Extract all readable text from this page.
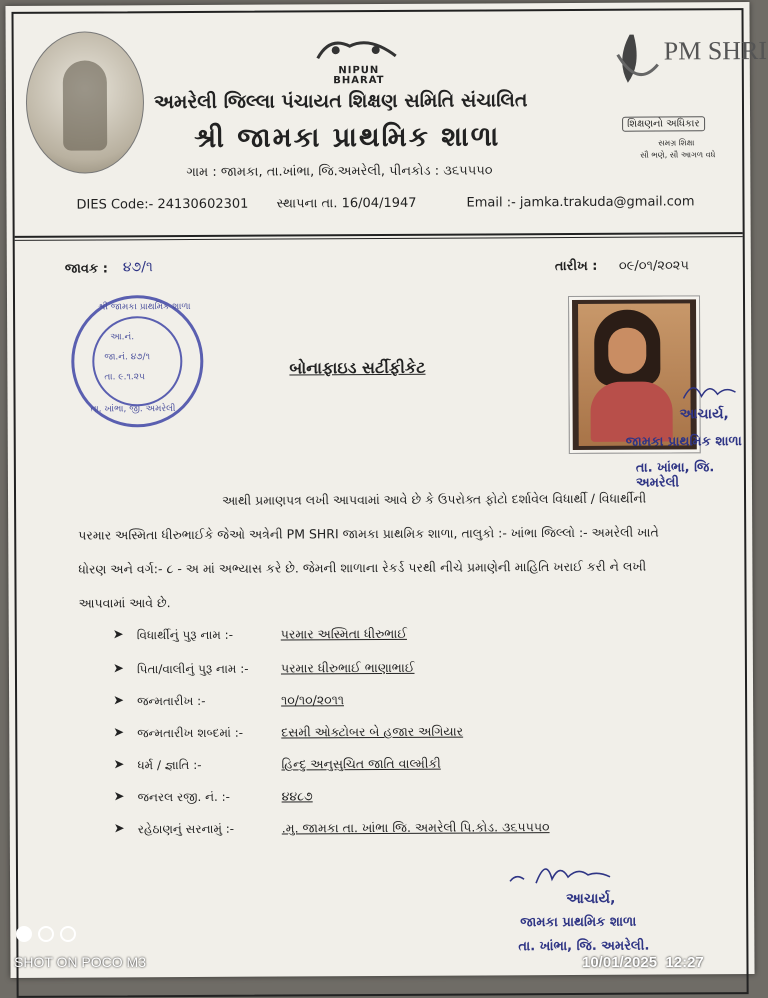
NIPUN BHARAT
PM SHRI
શિક્ષણનો અધિકાર
સમગ્ર શિક્ષા
સૌ ભણે, સૌ આગળ વધે
અમરેલી જિલ્લા પંચાયત શિક્ષણ સમિતિ સંચાલિત
શ્રી જામકા પ્રાથમિક શાળા
ગામ : જામકા, તા.ખાંભા, જિ.અમરેલી, પીનકોડ : ૩૬૫૫૫૦
DIES Code:- 24130602301 સ્થાપના તા. 16/04/1947	Email :- jamka.trakuda@gmail.com
જાવક : ૪૭/૧	તારીખ : ૦૯/૦૧/૨૦૨૫
શ્રી જામકા પ્રાથમિક શાળા
તા. ખાંભા, જી. અમરેલી
આ.નં.
જા.નં. ૪૭/૧
તા. ૯.૧.૨૫	બોનાફાઇડ સર્ટીફીકેટ
આચાર્ય,
જામકા પ્રાથમિક શાળા
તા. ખાંભા, જિ. અમરેલી
આથી પ્રમાણપત્ર લખી આપવામાં આવે છે કે ઉપરોક્ત ફોટો દર્શાવેલ વિધાર્થી / વિધાર્થીની
પરમાર અસ્મિતા ધીરુભાઈકે જેઓ અત્રેની PM SHRI જામકા પ્રાથમિક શાળા, તાલુકો :- ખાંભા જિલ્લો :- અમરેલી ખાતે
ધોરણ અને વર્ગ:- ૮ - અ માં અભ્યાસ કરે છે. જેમની શાળાના રેકર્ડ પરથી નીચે પ્રમાણેની માહિતિ ખરાઈ કરી ને લખી
આપવામાં આવે છે.
➤ વિધાર્થીનું પુરૂ નામ :-	પરમાર અસ્મિતા ધીરુભાઈ
➤ પિતા/વાલીનું પુરૂ નામ :-	પરમાર ધીરુભાઈ ભાણાભાઈ
➤ જન્મતારીખ :-	૧૦/૧૦/૨૦૧૧
➤ જન્મતારીખ શબ્દમાં :-	દસમી ઓક્ટોબર બે હજાર અગિયાર
➤ ધર્મ / જ્ઞાતિ :-	હિન્દુ અનુસુચિત જાતિ વાલ્મીકી
➤ જનરલ રજી. નં. :-	૪૪૮૭
➤ રહેઠાણનું સરનામું :-	.મુ. જામકા તા. ખાંભા જિ. અમરેલી પિ.કોડ. ૩૬૫૫૫૦
આચાર્ય,
જામકા પ્રાથમિક શાળા
તા. ખાંભા, જિ. અમરેલી.
SHOT ON POCO M3	10/01/2025  12:27
